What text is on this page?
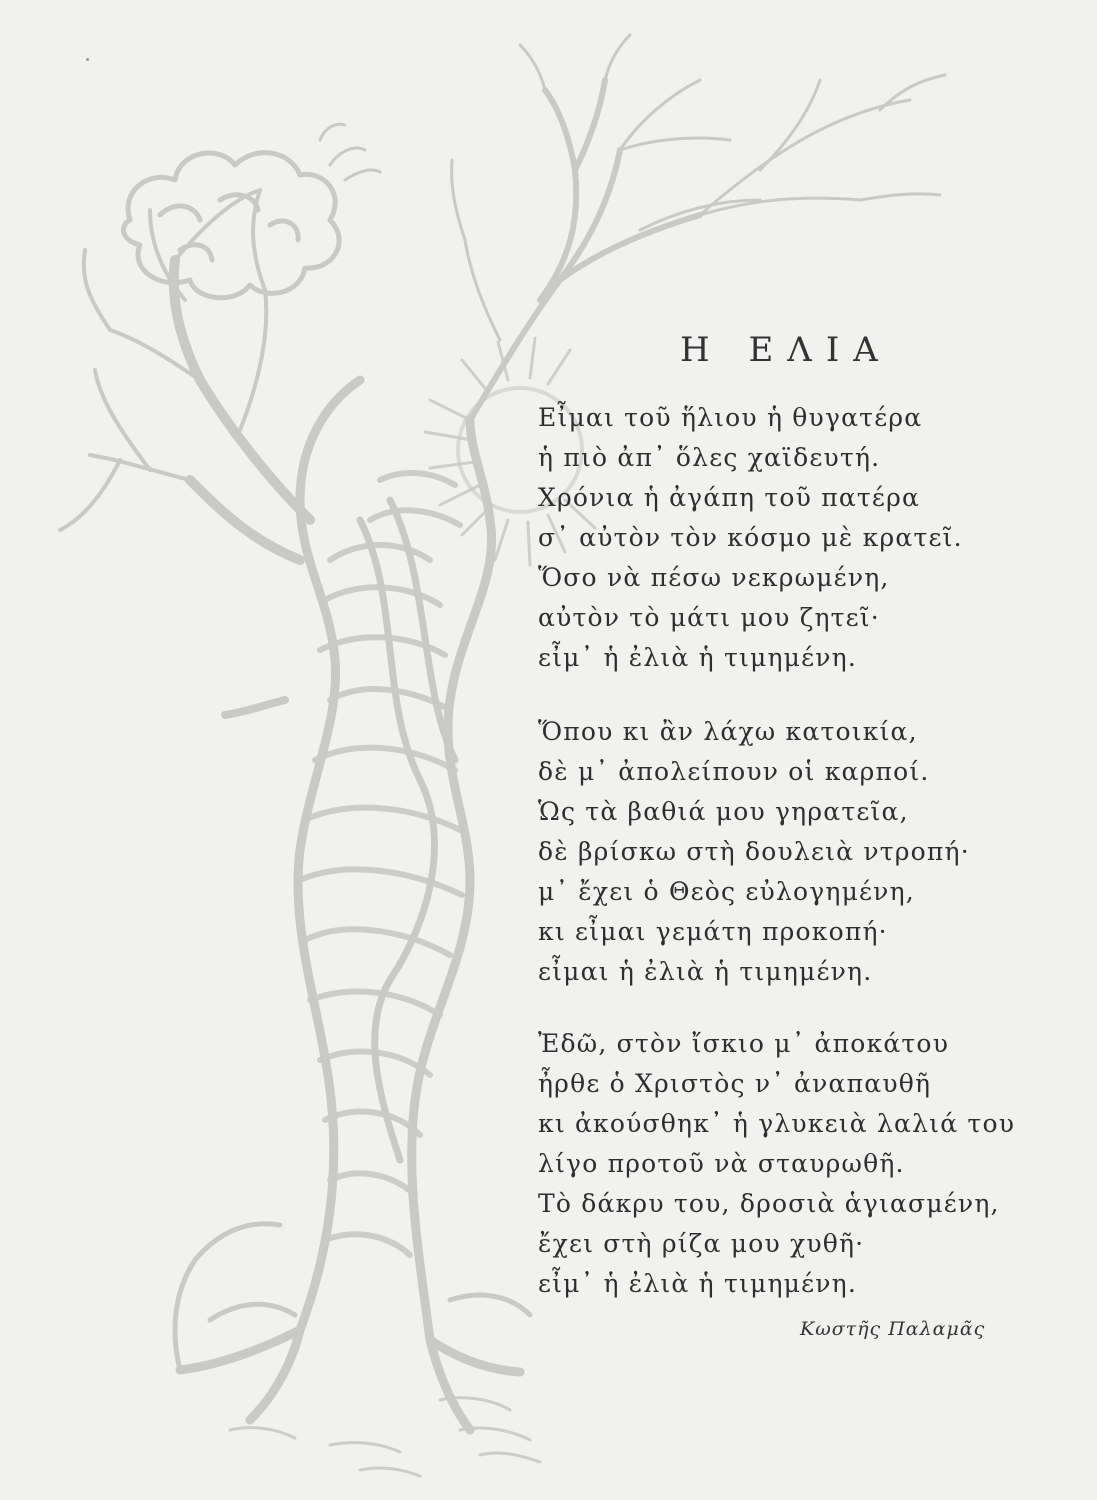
Η ΕΛΙΑ
Εἶμαι τοῦ ἥλιου ἡ θυγατέρα
ἡ πιὸ ἀπ᾽ ὅλες χαϊδευτή.
Χρόνια ἡ ἀγάπη τοῦ πατέρα
σ᾽ αὐτὸν τὸν κόσμο μὲ κρατεῖ.
Ὅσο νὰ πέσω νεκρωμένη,
αὐτὸν τὸ μάτι μου ζητεῖ·
εἶμ᾽ ἡ ἐλιὰ ἡ τιμημένη.
Ὅπου κι ἂν λάχω κατοικία,
δὲ μ᾽ ἀπολείπουν οἱ καρποί.
Ὡς τὰ βαθιά μου γηρατεῖα,
δὲ βρίσκω στὴ δουλειὰ ντροπή·
μ᾽ ἔχει ὁ Θεὸς εὐλογημένη,
κι εἶμαι γεμάτη προκοπή·
εἶμαι ἡ ἐλιὰ ἡ τιμημένη.
Ἐδῶ, στὸν ἴσκιο μ᾽ ἀποκάτου
ἦρθε ὁ Χριστὸς ν᾽ ἀναπαυθῆ
κι ἀκούσθηκ᾽ ἡ γλυκειὰ λαλιά του
λίγο προτοῦ νὰ σταυρωθῆ.
Τὸ δάκρυ του, δροσιὰ ἁγιασμένη,
ἔχει στὴ ρίζα μου χυθῆ·
εἶμ᾽ ἡ ἐλιὰ ἡ τιμημένη.
Κωστῆς Παλαμᾶς
